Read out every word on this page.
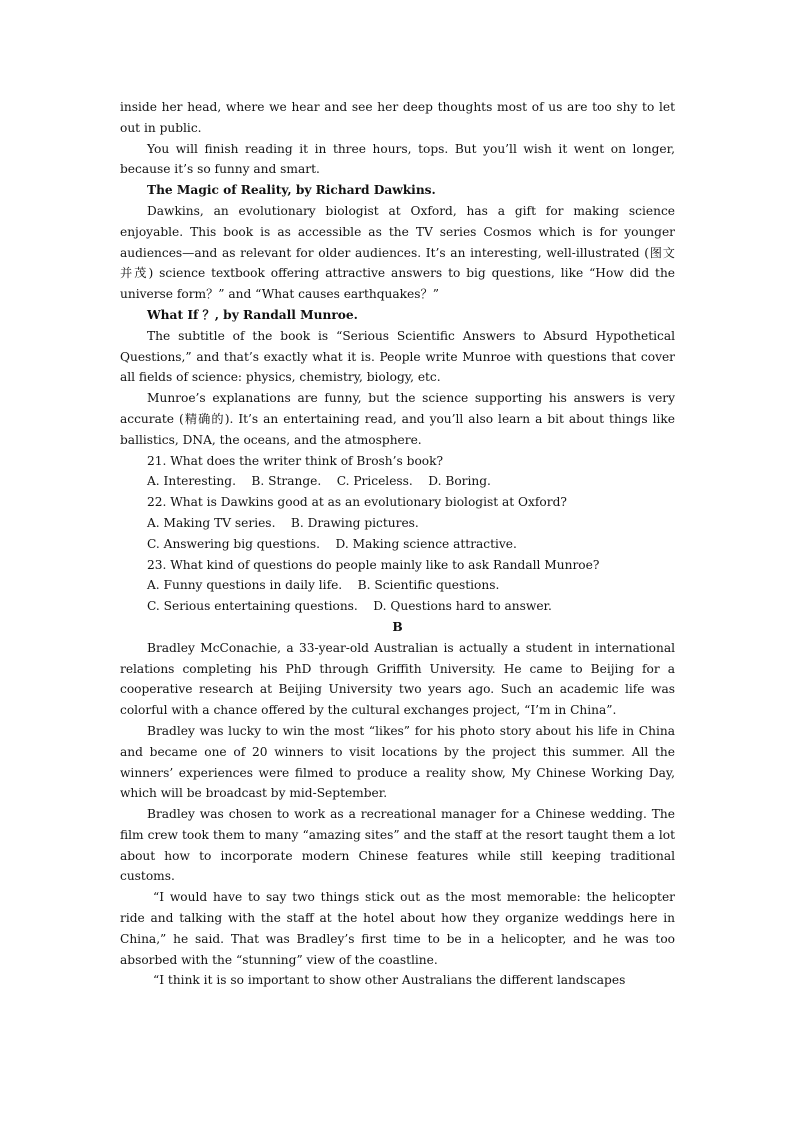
inside her head, where we hear and see her deep thoughts most of us are too shy to let out in public.

You will finish reading it in three hours, tops. But you’ll wish it went on longer, because it’s so funny and smart.

The Magic of Reality, by Richard Dawkins.

Dawkins, an evolutionary biologist at Oxford, has a gift for making science enjoyable. This book is as accessible as the TV series Cosmos which is for younger audiences—and as relevant for older audiences. It’s an interesting, well-illustrated (图文并茂) science textbook offering attractive answers to big questions, like “How did the universe form？” and “What causes earthquakes？”

What If ？, by Randall Munroe.

The subtitle of the book is “Serious Scientific Answers to Absurd Hypothetical Questions,” and that’s exactly what it is. People write Munroe with questions that cover all fields of science: physics, chemistry, biology, etc.

Munroe’s explanations are funny, but the science supporting his answers is very accurate (精确的). It’s an entertaining read, and you’ll also learn a bit about things like ballistics, DNA, the oceans, and the atmosphere.

21. What does the writer think of Brosh’s book?

A. Interesting.    B. Strange.    C. Priceless.    D. Boring.

22. What is Dawkins good at as an evolutionary biologist at Oxford?

A. Making TV series.    B. Drawing pictures.

C. Answering big questions.    D. Making science attractive.

23. What kind of questions do people mainly like to ask Randall Munroe?

A. Funny questions in daily life.    B. Scientific questions.

C. Serious entertaining questions.    D. Questions hard to answer.

B

Bradley McConachie, a 33-year-old Australian is actually a student in international relations completing his PhD through Griffith University. He came to Beijing for a cooperative research at Beijing University two years ago. Such an academic life was colorful with a chance offered by the cultural exchanges project, “I’m in China”.

Bradley was lucky to win the most “likes” for his photo story about his life in China and became one of 20 winners to visit locations by the project this summer. All the winners’ experiences were filmed to produce a reality show, My Chinese Working Day, which will be broadcast by mid-September.

Bradley was chosen to work as a recreational manager for a Chinese wedding. The film crew took them to many “amazing sites” and the staff at the resort taught them a lot about how to incorporate modern Chinese features while still keeping traditional customs.

“I would have to say two things stick out as the most memorable: the helicopter ride and talking with the staff at the hotel about how they organize weddings here in China,” he said. That was Bradley’s first time to be in a helicopter, and he was too absorbed with the “stunning” view of the coastline.

“I think it is so important to show other Australians the different landscapes
